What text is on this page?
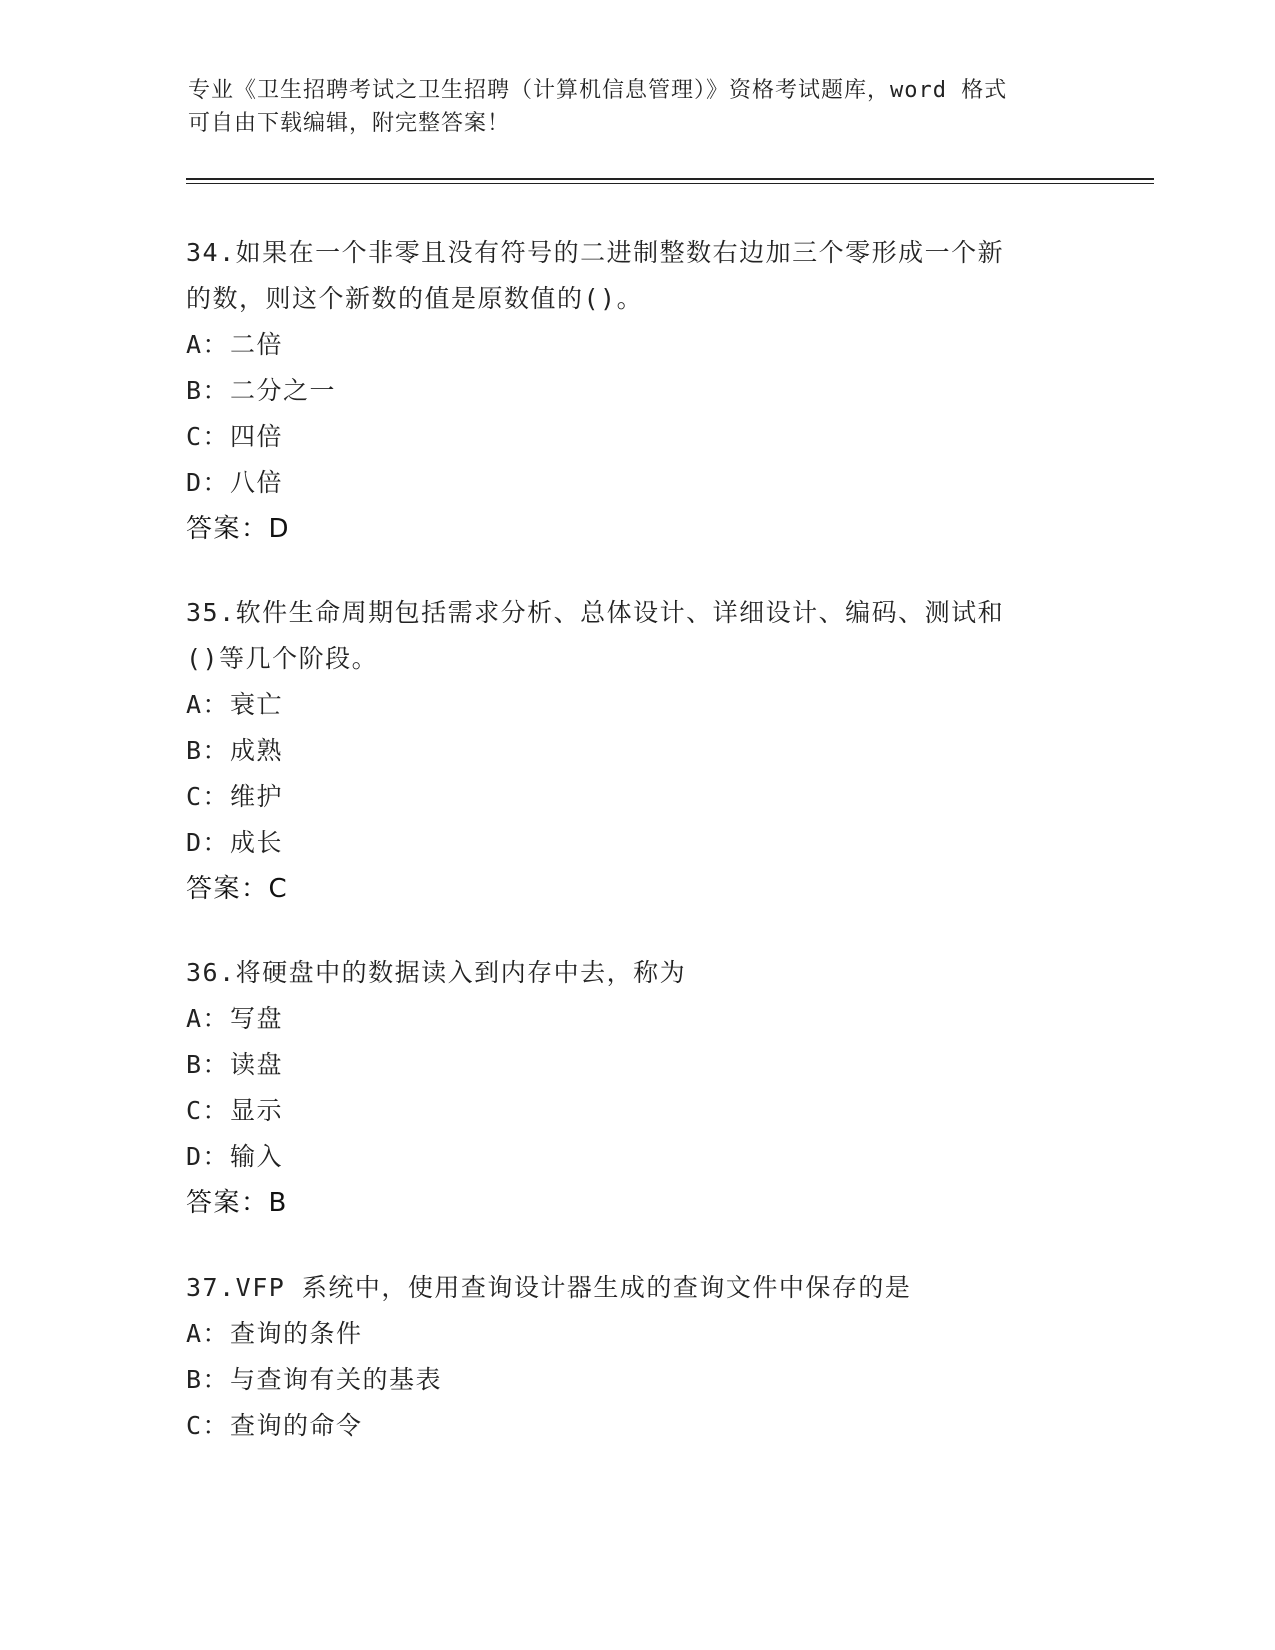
专业《卫生招聘考试之卫生招聘（计算机信息管理）》资格考试题库，word 格式
可自由下载编辑，附完整答案！
34.如果在一个非零且没有符号的二进制整数右边加三个零形成一个新
的数，则这个新数的值是原数值的()。
A：二倍
B：二分之一
C：四倍
D：八倍
答案：D
35.软件生命周期包括需求分析、总体设计、详细设计、编码、测试和
()等几个阶段。
A：衰亡
B：成熟
C：维护
D：成长
答案：C
36.将硬盘中的数据读入到内存中去，称为
A：写盘
B：读盘
C：显示
D：输入
答案：B
37.VFP 系统中，使用查询设计器生成的查询文件中保存的是
A：查询的条件
B：与查询有关的基表
C：查询的命令
